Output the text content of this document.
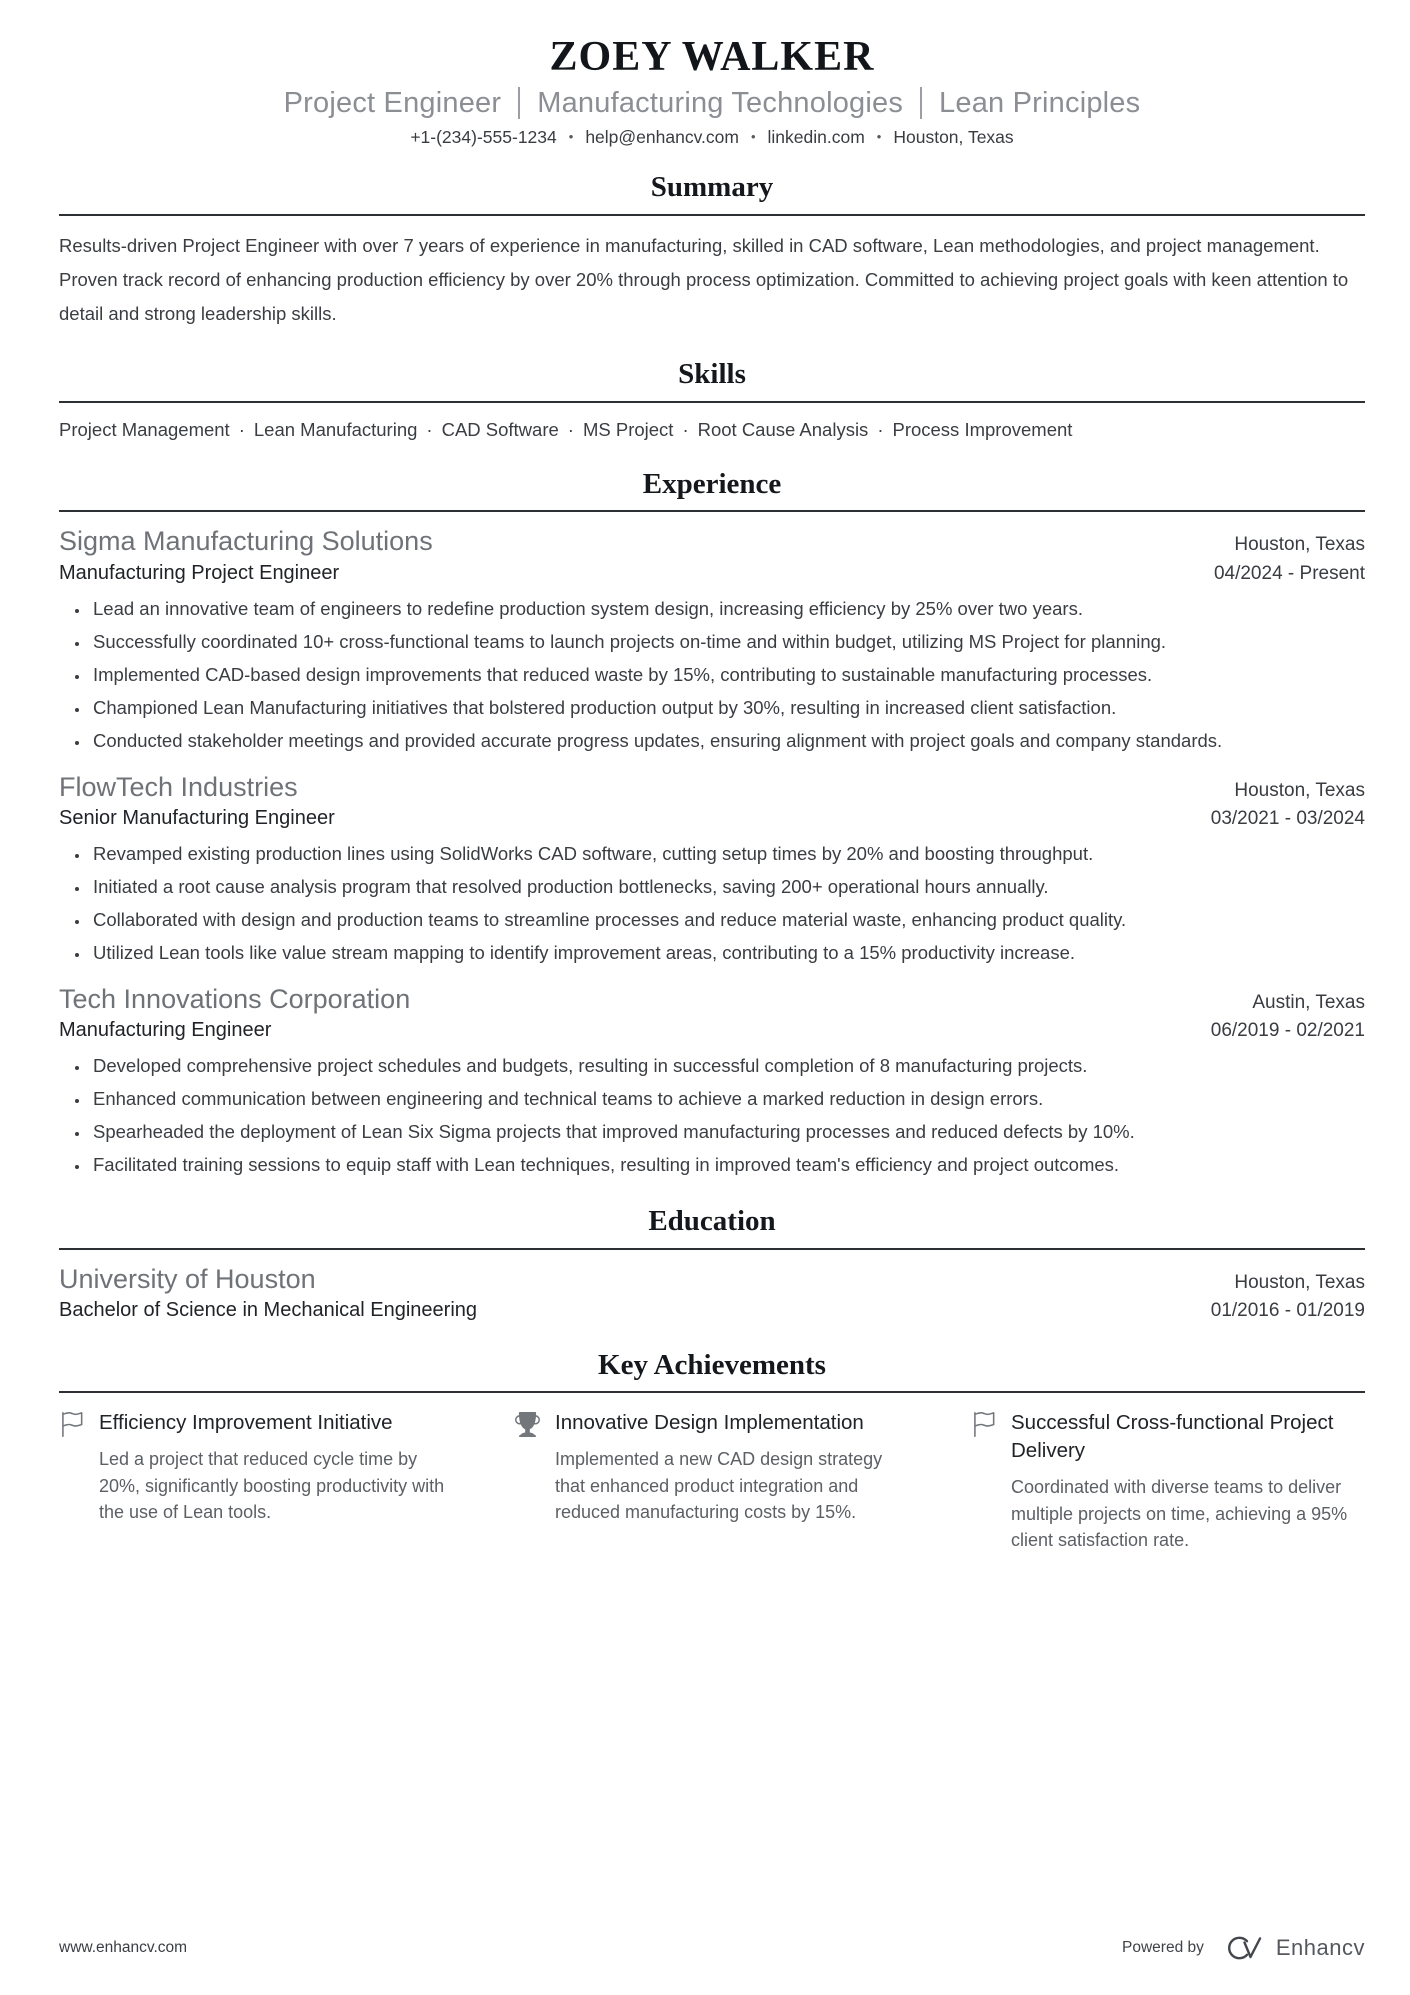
ZOEY WALKER
Project Engineer	Manufacturing Technologies	Lean Principles
+1-(234)-555-1234	• help@enhancv.com	• linkedin.com	• Houston, Texas
Summary
Results-driven Project Engineer with over 7 years of experience in manufacturing, skilled in CAD software, Lean methodologies, and project management. Proven track record of enhancing production efficiency by over 20% through process optimization. Committed to achieving project goals with keen attention to detail and strong leadership skills.
Skills
Project Management · Lean Manufacturing · CAD Software · MS Project · Root Cause Analysis · Process Improvement
Experience
Sigma Manufacturing Solutions	Houston, Texas
Manufacturing Project Engineer	04/2024 - Present
• Lead an innovative team of engineers to redefine production system design, increasing efficiency by 25% over two years.
• Successfully coordinated 10+ cross-functional teams to launch projects on-time and within budget, utilizing MS Project for planning.
• Implemented CAD-based design improvements that reduced waste by 15%, contributing to sustainable manufacturing processes.
• Championed Lean Manufacturing initiatives that bolstered production output by 30%, resulting in increased client satisfaction.
• Conducted stakeholder meetings and provided accurate progress updates, ensuring alignment with project goals and company standards.
FlowTech Industries	Houston, Texas
Senior Manufacturing Engineer	03/2021 - 03/2024
• Revamped existing production lines using SolidWorks CAD software, cutting setup times by 20% and boosting throughput.
• Initiated a root cause analysis program that resolved production bottlenecks, saving 200+ operational hours annually.
• Collaborated with design and production teams to streamline processes and reduce material waste, enhancing product quality.
• Utilized Lean tools like value stream mapping to identify improvement areas, contributing to a 15% productivity increase.
Tech Innovations Corporation	Austin, Texas
Manufacturing Engineer	06/2019 - 02/2021
• Developed comprehensive project schedules and budgets, resulting in successful completion of 8 manufacturing projects.
• Enhanced communication between engineering and technical teams to achieve a marked reduction in design errors.
• Spearheaded the deployment of Lean Six Sigma projects that improved manufacturing processes and reduced defects by 10%.
• Facilitated training sessions to equip staff with Lean techniques, resulting in improved team's efficiency and project outcomes.
Education
University of Houston	Houston, Texas
Bachelor of Science in Mechanical Engineering	01/2016 - 01/2019
Key Achievements
Efficiency Improvement Initiative
Led a project that reduced cycle time by 20%, significantly boosting productivity with the use of Lean tools.
Innovative Design Implementation
Implemented a new CAD design strategy that enhanced product integration and reduced manufacturing costs by 15%.
Successful Cross-functional Project Delivery
Coordinated with diverse teams to deliver multiple projects on time, achieving a 95% client satisfaction rate.
www.enhancv.com	Powered by	Enhancv
